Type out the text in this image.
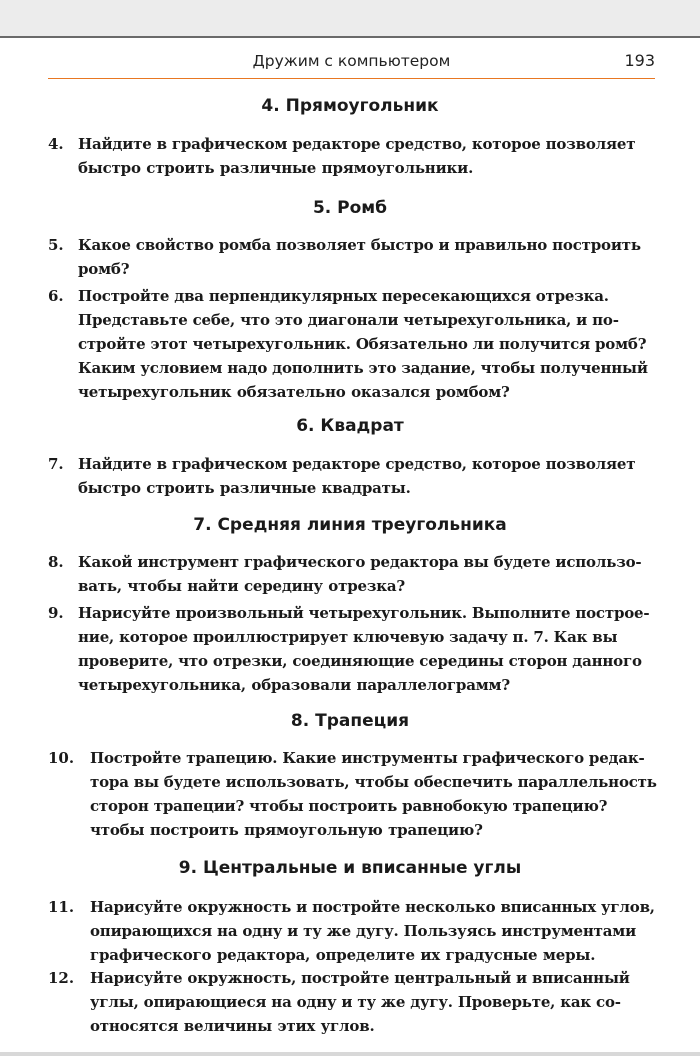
Дружим с компьютером	193
4. Прямоугольник
4. Найдите в графическом редакторе средство, которое позволяет
быстро строить различные прямоугольники.
5. Ромб
5. Какое свойство ромба позволяет быстро и правильно построить
ромб?
6. Постройте два перпендикулярных пересекающихся отрезка.
Представьте себе, что это диагонали четырехугольника, и по-
стройте этот четырехугольник. Обязательно ли получится ромб?
Каким условием надо дополнить это задание, чтобы полученный
четырехугольник обязательно оказался ромбом?
6. Квадрат
7. Найдите в графическом редакторе средство, которое позволяет
быстро строить различные квадраты.
7. Средняя линия треугольника
8. Какой инструмент графического редактора вы будете использо-
вать, чтобы найти середину отрезка?
9. Нарисуйте произвольный четырехугольник. Выполните построе-
ние, которое проиллюстрирует ключевую задачу п. 7. Как вы
проверите, что отрезки, соединяющие середины сторон данного
четырехугольника, образовали параллелограмм?
8. Трапеция
10. Постройте трапецию. Какие инструменты графического редак-
тора вы будете использовать, чтобы обеспечить параллельность
сторон трапеции? чтобы построить равнобокую трапецию?
чтобы построить прямоугольную трапецию?
9. Центральные и вписанные углы
11. Нарисуйте окружность и постройте несколько вписанных углов,
опирающихся на одну и ту же дугу. Пользуясь инструментами
графического редактора, определите их градусные меры.
12. Нарисуйте окружность, постройте центральный и вписанный
углы, опирающиеся на одну и ту же дугу. Проверьте, как со-
относятся величины этих углов.
